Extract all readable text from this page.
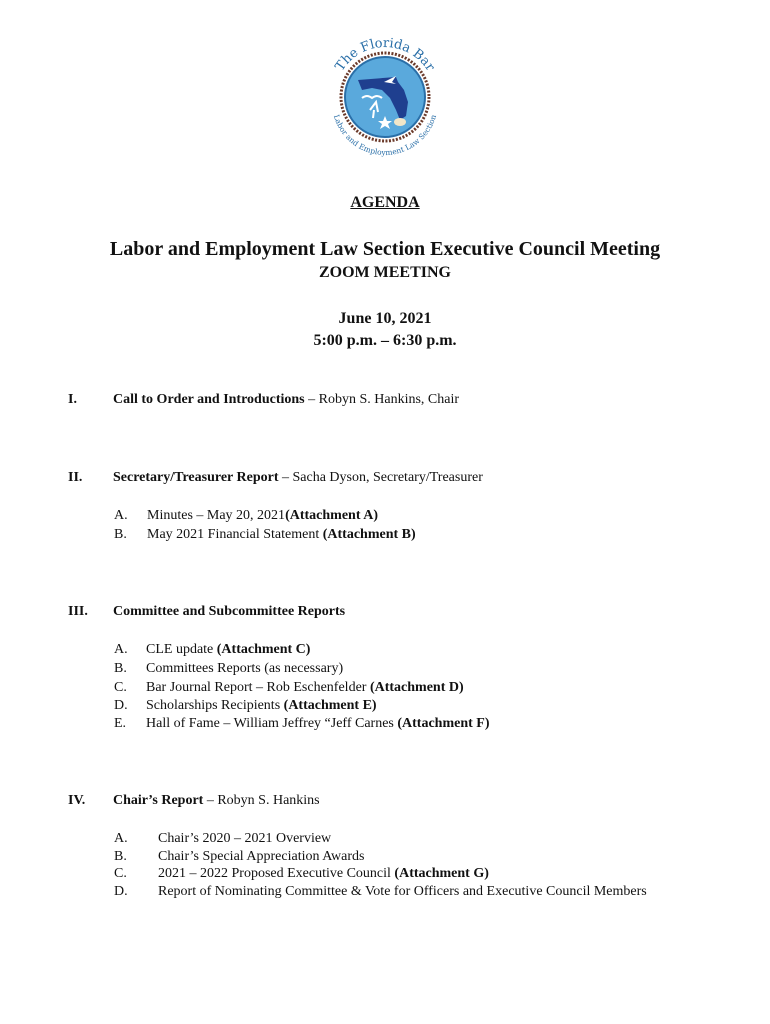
The Florida Bar
Labor and Employment Law Section
AGENDA
Labor and Employment Law Section Executive Council Meeting
ZOOM MEETING
June 10, 2021
5:00 p.m. – 6:30 p.m.
I.	Call to Order and Introductions – Robyn S. Hankins, Chair
II. Secretary/Treasurer Report – Sacha Dyson, Secretary/Treasurer
A. Minutes – May 20, 2021(Attachment A)
B. May 2021 Financial Statement (Attachment B)
III. Committee and Subcommittee Reports
A. CLE update (Attachment C)
B. Committees Reports (as necessary)
C. Bar Journal Report – Rob Eschenfelder (Attachment D)
D. Scholarships Recipients (Attachment E)
E. Hall of Fame – William Jeffrey “Jeff Carnes (Attachment F)
IV. Chair’s Report – Robyn S. Hankins
A. Chair’s 2020 – 2021 Overview
B. Chair’s Special Appreciation Awards
C. 2021 – 2022 Proposed Executive Council (Attachment G)
D. Report of Nominating Committee & Vote for Officers and Executive Council Members
